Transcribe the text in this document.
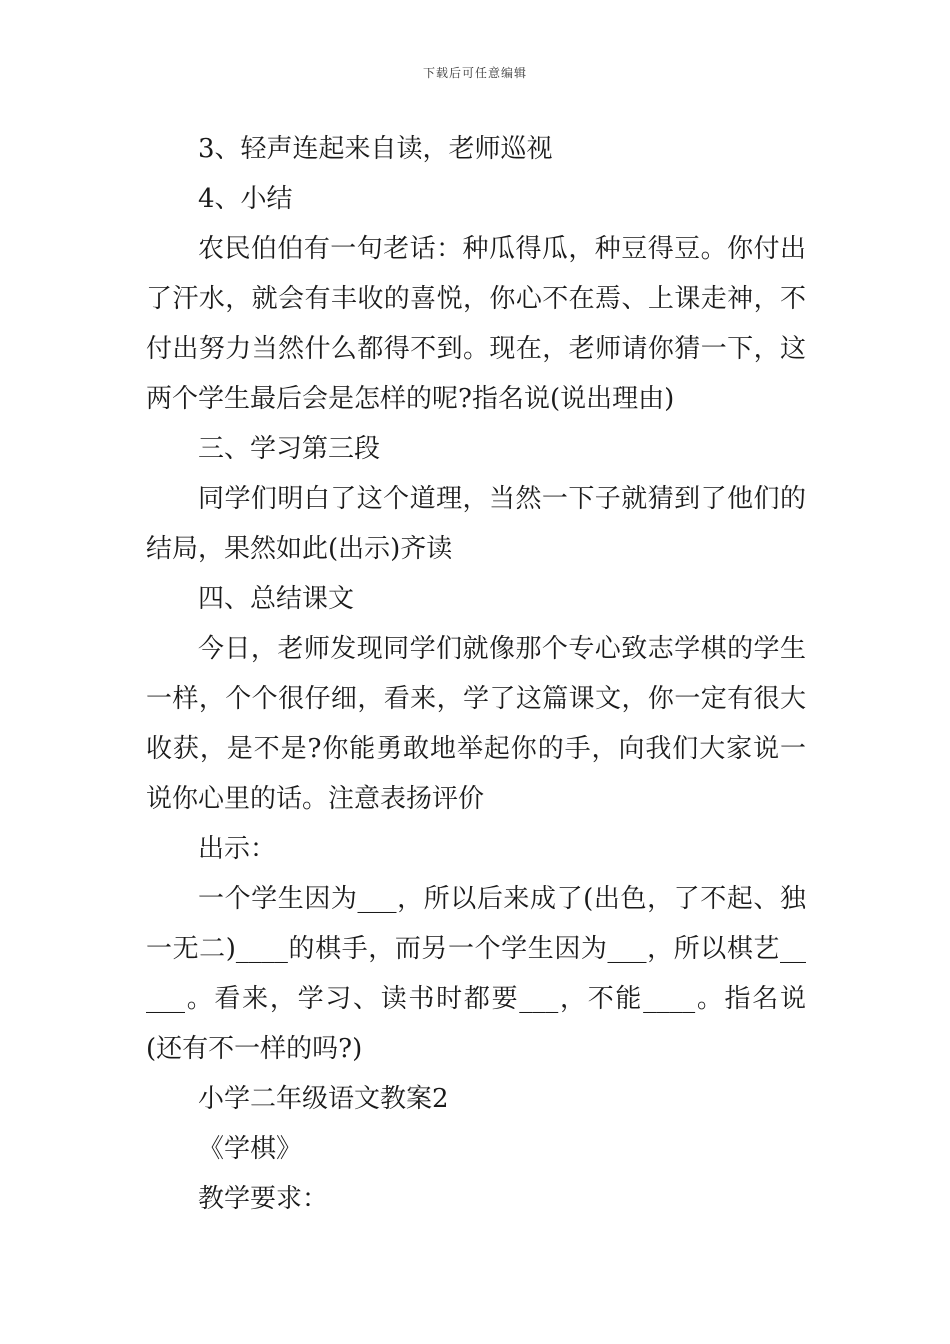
下载后可任意编辑

3、轻声连起来自读，老师巡视

4、小结

农民伯伯有一句老话：种瓜得瓜，种豆得豆。你付出了汗水，就会有丰收的喜悦，你心不在焉、上课走神，不付出努力当然什么都得不到。现在，老师请你猜一下，这两个学生最后会是怎样的呢?指名说(说出理由)

三、学习第三段

同学们明白了这个道理，当然一下子就猜到了他们的结局，果然如此(出示)齐读

四、总结课文

今日，老师发现同学们就像那个专心致志学棋的学生一样，个个很仔细，看来，学了这篇课文，你一定有很大收获，是不是?你能勇敢地举起你的手，向我们大家说一说你心里的话。注意表扬评价

出示：

一个学生因为___，所以后来成了(出色，了不起、独一无二)____的棋手，而另一个学生因为___，所以棋艺_____。看来，学习、读书时都要___，不能____。指名说(还有不一样的吗?)

小学二年级语文教案2

《学棋》

教学要求：
